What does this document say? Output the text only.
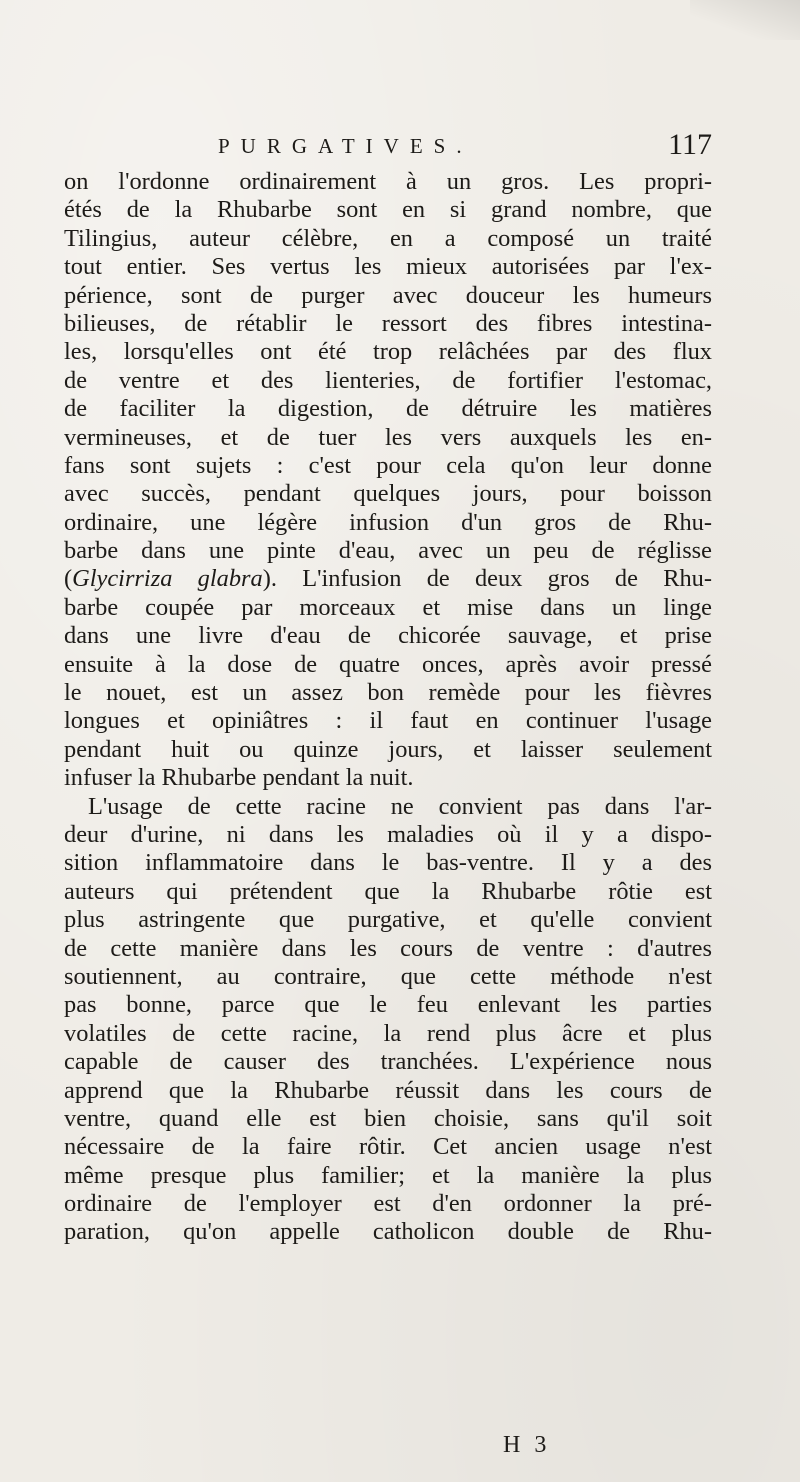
PURGATIVES.	117
on l'ordonne ordinairement à un gros. Les propri-
étés de la Rhubarbe sont en si grand nombre, que
Tilingius, auteur célèbre, en a composé un traité
tout entier. Ses vertus les mieux autorisées par l'ex-
périence, sont de purger avec douceur les humeurs
bilieuses, de rétablir le ressort des fibres intestina-
les, lorsqu'elles ont été trop relâchées par des flux
de ventre et des lienteries, de fortifier l'estomac,
de faciliter la digestion, de détruire les matières
vermineuses, et de tuer les vers auxquels les en-
fans sont sujets : c'est pour cela qu'on leur donne
avec succès, pendant quelques jours, pour boisson
ordinaire, une légère infusion d'un gros de Rhu-
barbe dans une pinte d'eau, avec un peu de réglisse
(Glycirriza glabra). L'infusion de deux gros de Rhu-
barbe coupée par morceaux et mise dans un linge
dans une livre d'eau de chicorée sauvage, et prise
ensuite à la dose de quatre onces, après avoir pressé
le nouet, est un assez bon remède pour les fièvres
longues et opiniâtres : il faut en continuer l'usage
pendant huit ou quinze jours, et laisser seulement
infuser la Rhubarbe pendant la nuit.
L'usage de cette racine ne convient pas dans l'ar-
deur d'urine, ni dans les maladies où il y a dispo-
sition inflammatoire dans le bas-ventre. Il y a des
auteurs qui prétendent que la Rhubarbe rôtie est
plus astringente que purgative, et qu'elle convient
de cette manière dans les cours de ventre : d'autres
soutiennent, au contraire, que cette méthode n'est
pas bonne, parce que le feu enlevant les parties
volatiles de cette racine, la rend plus âcre et plus
capable de causer des tranchées. L'expérience nous
apprend que la Rhubarbe réussit dans les cours de
ventre, quand elle est bien choisie, sans qu'il soit
nécessaire de la faire rôtir. Cet ancien usage n'est
même presque plus familier; et la manière la plus
ordinaire de l'employer est d'en ordonner la pré-
paration, qu'on appelle catholicon double de Rhu-
H 3
